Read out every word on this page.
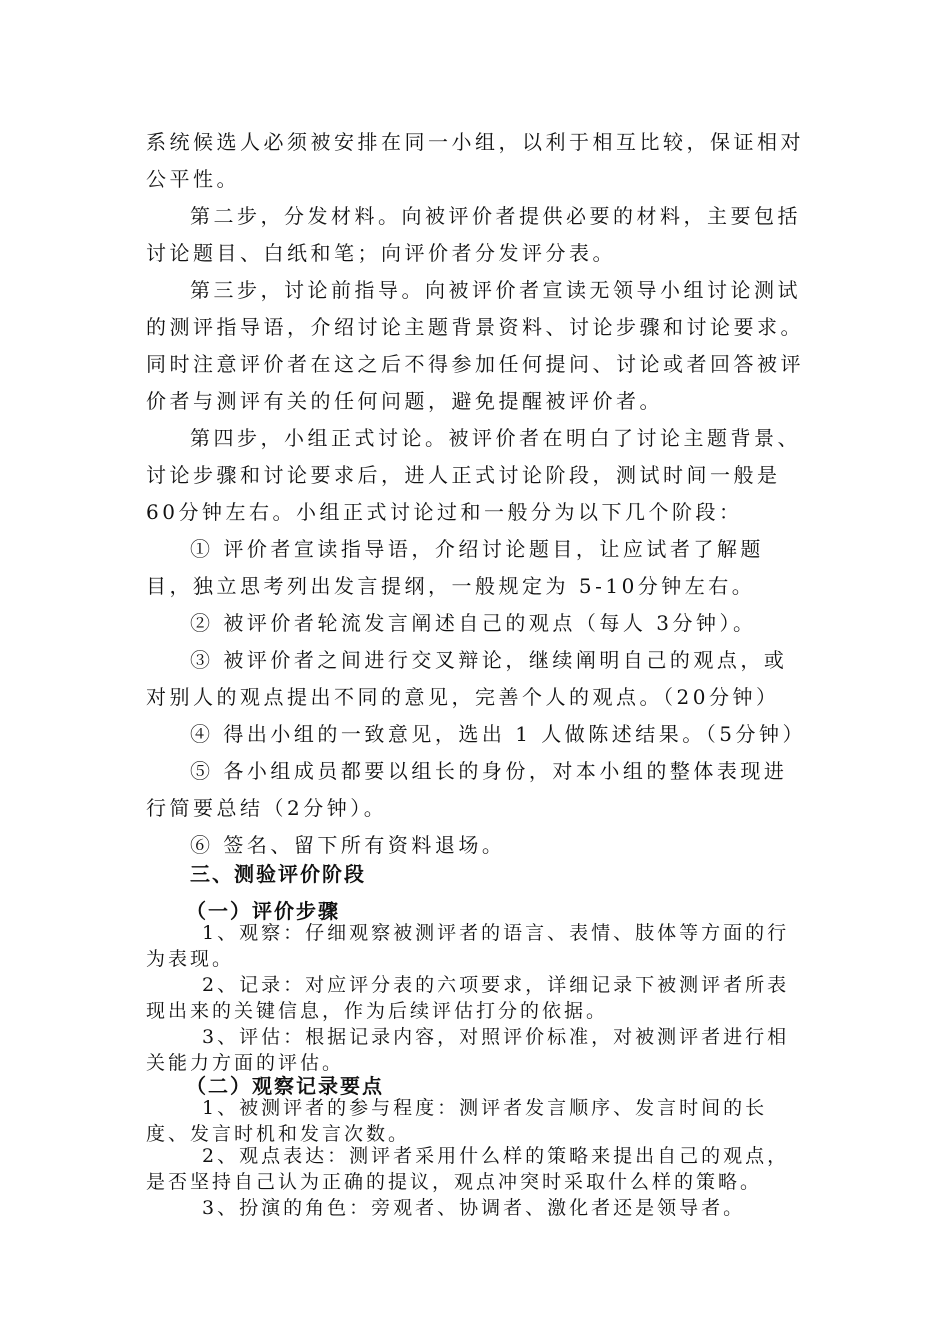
系统候选人必须被安排在同一小组，以利于相互比较，保证相对公平性。

第二步，分发材料。向被评价者提供必要的材料，主要包括讨论题目、白纸和笔；向评价者分发评分表。

第三步，讨论前指导。向被评价者宣读无领导小组讨论测试的测评指导语，介绍讨论主题背景资料、讨论步骤和讨论要求。同时注意评价者在这之后不得参加任何提问、讨论或者回答被评价者与测评有关的任何问题，避免提醒被评价者。

第四步，小组正式讨论。被评价者在明白了讨论主题背景、讨论步骤和讨论要求后，进人正式讨论阶段，测试时间一般是 60分钟左右。小组正式讨论过和一般分为以下几个阶段：

① 评价者宣读指导语，介绍讨论题目，让应试者了解题目，独立思考列出发言提纲，一般规定为 5-10分钟左右。

② 被评价者轮流发言阐述自己的观点（每人 3分钟）。

③ 被评价者之间进行交叉辩论，继续阐明自己的观点，或对别人的观点提出不同的意见，完善个人的观点。（20分钟）

④ 得出小组的一致意见，选出 1 人做陈述结果。（5分钟）

⑤ 各小组成员都要以组长的身份，对本小组的整体表现进行简要总结（2分钟）。

⑥ 签名、留下所有资料退场。

三、测验评价阶段
（一）评价步骤

1、观察：仔细观察被测评者的语言、表情、肢体等方面的行为表现。

2、记录：对应评分表的六项要求，详细记录下被测评者所表现出来的关键信息，作为后续评估打分的依据。

3、评估：根据记录内容，对照评价标准，对被测评者进行相关能力方面的评估。

（二）观察记录要点

1、被测评者的参与程度：测评者发言顺序、发言时间的长度、发言时机和发言次数。

2、观点表达：测评者采用什么样的策略来提出自己的观点，是否坚持自己认为正确的提议，观点冲突时采取什么样的策略。

3、扮演的角色：旁观者、协调者、激化者还是领导者。
